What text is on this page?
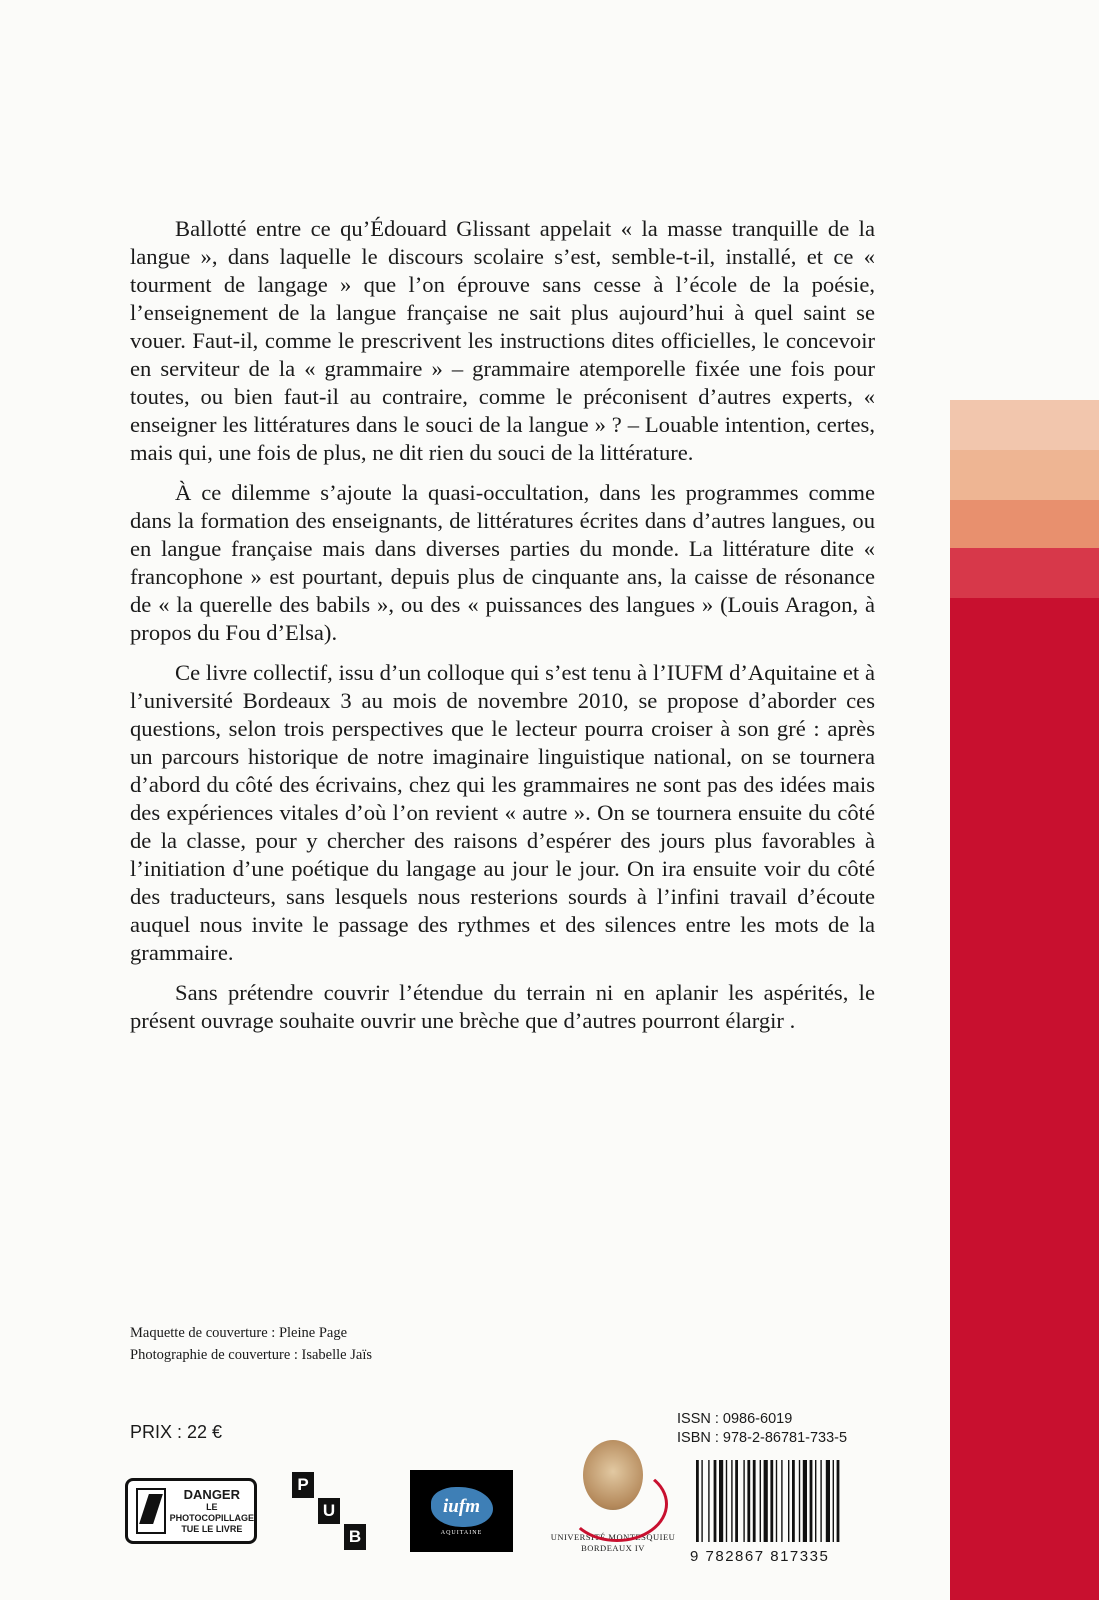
Ballotté entre ce qu’Édouard Glissant appelait « la masse tranquille de la langue », dans laquelle le discours scolaire s’est, semble-t-il, installé, et ce « tourment de langage » que l’on éprouve sans cesse à l’école de la poésie, l’enseignement de la langue française ne sait plus aujourd’hui à quel saint se vouer. Faut-il, comme le prescrivent les instructions dites officielles, le concevoir en serviteur de la « grammaire » – grammaire atemporelle fixée une fois pour toutes, ou bien faut-il au contraire, comme le préconisent d’autres experts, « enseigner les littératures dans le souci de la langue » ? – Louable intention, certes, mais qui, une fois de plus, ne dit rien du souci de la littérature.

À ce dilemme s’ajoute la quasi-occultation, dans les programmes comme dans la formation des enseignants, de littératures écrites dans d’autres langues, ou en langue française mais dans diverses parties du monde. La littérature dite « francophone » est pourtant, depuis plus de cinquante ans, la caisse de résonance de « la querelle des babils », ou des « puissances des langues » (Louis Aragon, à propos du Fou d’Elsa).

Ce livre collectif, issu d’un colloque qui s’est tenu à l’IUFM d’Aquitaine et à l’université Bordeaux 3 au mois de novembre 2010, se propose d’aborder ces questions, selon trois perspectives que le lecteur pourra croiser à son gré : après un parcours historique de notre imaginaire linguistique national, on se tournera d’abord du côté des écrivains, chez qui les grammaires ne sont pas des idées mais des expériences vitales d’où l’on revient « autre ». On se tournera ensuite du côté de la classe, pour y chercher des raisons d’espérer des jours plus favorables à l’initiation d’une poétique du langage au jour le jour. On ira ensuite voir du côté des traducteurs, sans lesquels nous resterions sourds à l’infini travail d’écoute auquel nous invite le passage des rythmes et des silences entre les mots de la grammaire.

Sans prétendre couvrir l’étendue du terrain ni en aplanir les aspérités, le présent ouvrage souhaite ouvrir une brèche que d’autres pourront élargir .

Maquette de couverture : Pleine Page
Photographie de couverture : Isabelle Jaïs
PRIX : 22 €
DANGER
LE
PHOTOCOPILLAGE
TUE LE LIVRE
P
U
B
iufm
AQUITAINE	UNIVERSITÉ MONTESQUIEU
BORDEAUX IV
ISSN : 0986-6019
ISBN : 978-2-86781-733-5
9 782867 817335
